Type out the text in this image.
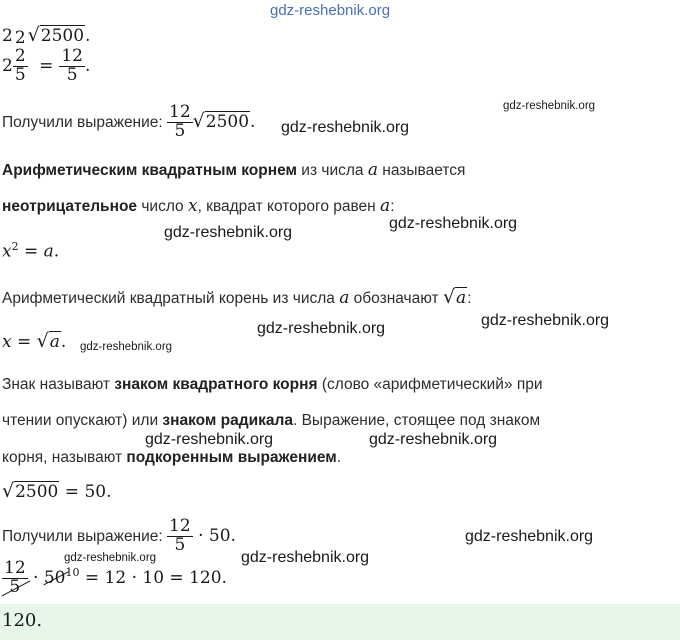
gdz-reshebnik.org
2 2 √2500.
$2 \frac{2}{5} = \frac{12}{5}$ .
gdz-reshebnik.org
Получили выражение: $\frac{12}{5} √2500$. gdz-reshebnik.org
Арифметическим квадратным корнем из числа a называется
неотрицательное число x, квадрат которого равен a:
gdz-reshebnik.org
gdz-reshebnik.org
$x^2 = a$.
Арифметический квадратный корень из числа a обозначают √a:
gdz-reshebnik.org
gdz-reshebnik.org
x = √a. gdz-reshebnik.org
Знак называют знаком квадратного корня (слово «арифметический» при
чтении опускают) или знаком радикала. Выражение, стоящее под знаком
gdz-reshebnik.org	gdz-reshebnik.org
корня, называют подкоренным выражением.
√2500 = 50.
Получили выражение: $\frac{12}{5} \cdot 50$.	gdz-reshebnik.org
gdz-reshebnik.org	gdz-reshebnik.org
$\frac{12}{5} \cdot 50^{10} = 12 \cdot 10 = 120$.
120.
